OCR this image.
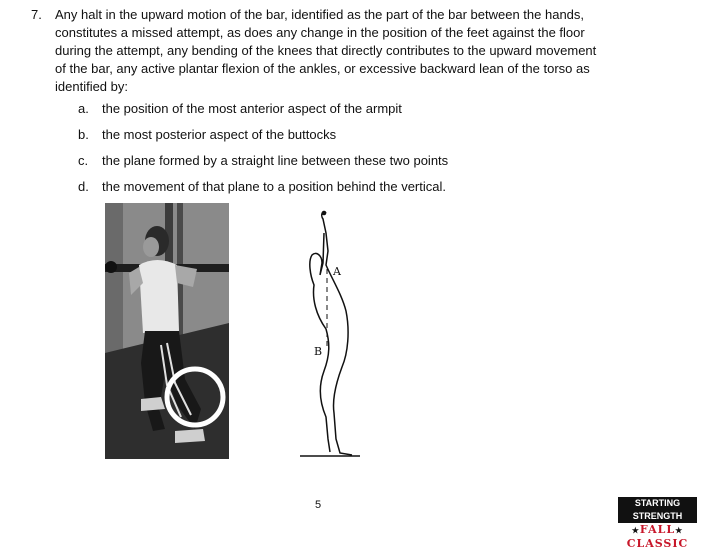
7. Any halt in the upward motion of the bar, identified as the part of the bar between the hands,
constitutes a missed attempt, as does any change in the position of the feet against the floor
during the attempt, any bending of the knees that directly contributes to the upward movement
of the bar, any active plantar flexion of the ankles, or excessive backward lean of the torso as
identified by:
a.	the position of the most anterior aspect of the armpit
b.	the most posterior aspect of the buttocks
c.	the plane formed by a straight line between these two points
d.	the movement of that plane to a position behind the vertical.
A
B
5	STARTING STRENGTH
★FALL★
CLASSIC
